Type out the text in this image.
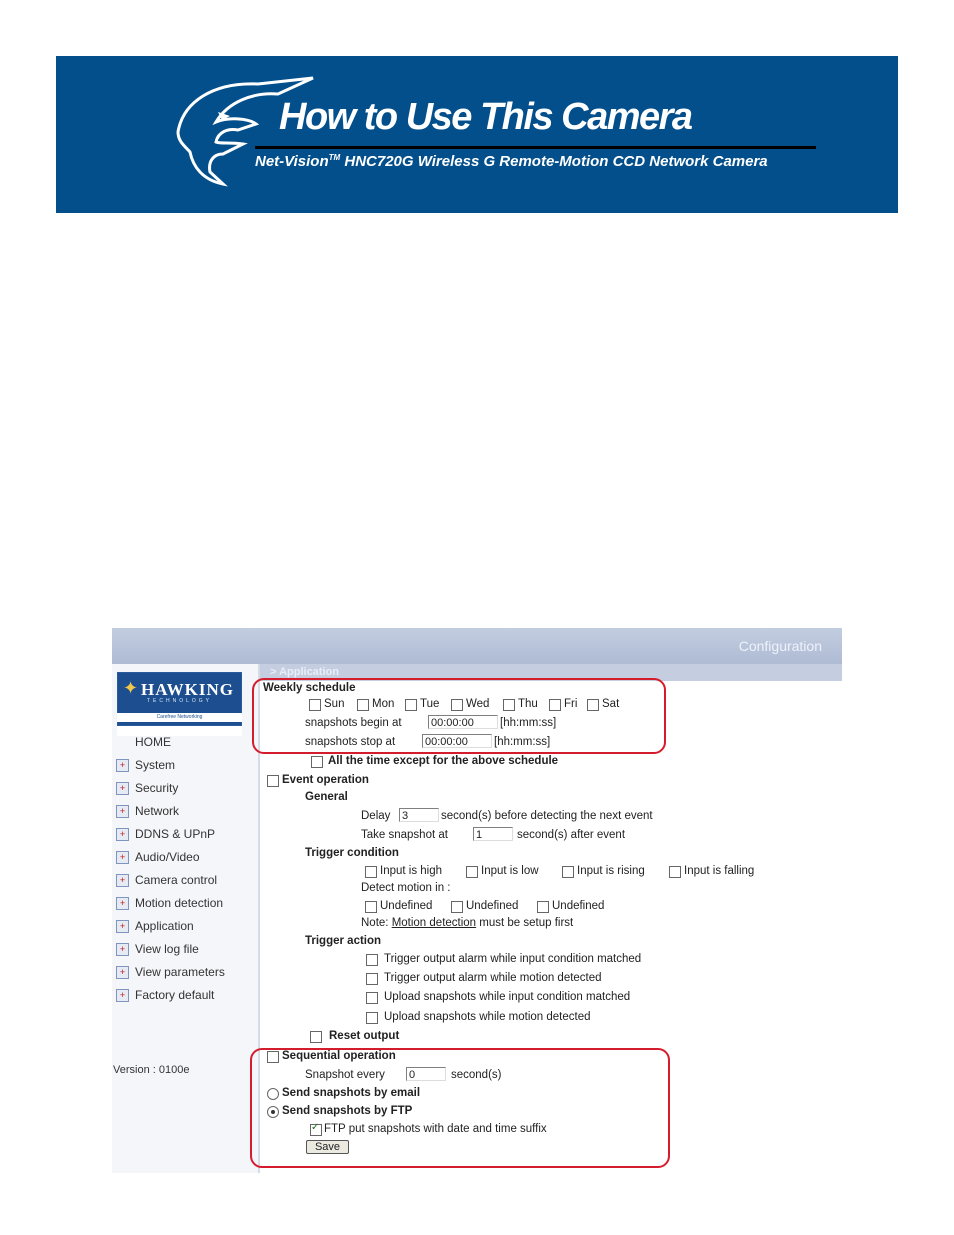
How to Use This Camera
Net-Vision™ HNC720G Wireless G Remote-Motion CCD Network Camera
Configuration
> Application
✦ HAWKING
TECHNOLOGY
Carefree Networking
HOME
+ System
+ Security
+ Network
+ DDNS & UPnP
+ Audio/Video
+ Camera control
+ Motion detection
+ Application
+ View log file
+ View parameters
+ Factory default
Version : 0100e
Weekly schedule
Sun Mon Tue Wed Thu Fri Sat
snapshots begin at	00:00:00	[hh:mm:ss]
snapshots stop at	00:00:00	[hh:mm:ss]
All the time except for the above schedule
Event operation
General
Delay 3	second(s) before detecting the next event
Take snapshot at	1	second(s) after event
Trigger condition
Input is high	Input is low	Input is rising	Input is falling
Detect motion in :
Undefined	Undefined	Undefined
Note: Motion detection must be setup first
Trigger action
Trigger output alarm while input condition matched
Trigger output alarm while motion detected
Upload snapshots while input condition matched
Upload snapshots while motion detected
Reset output
Sequential operation
Snapshot every 0	second(s)
Send snapshots by email
Send snapshots by FTP
✓
FTP put snapshots with date and time suffix
Save
